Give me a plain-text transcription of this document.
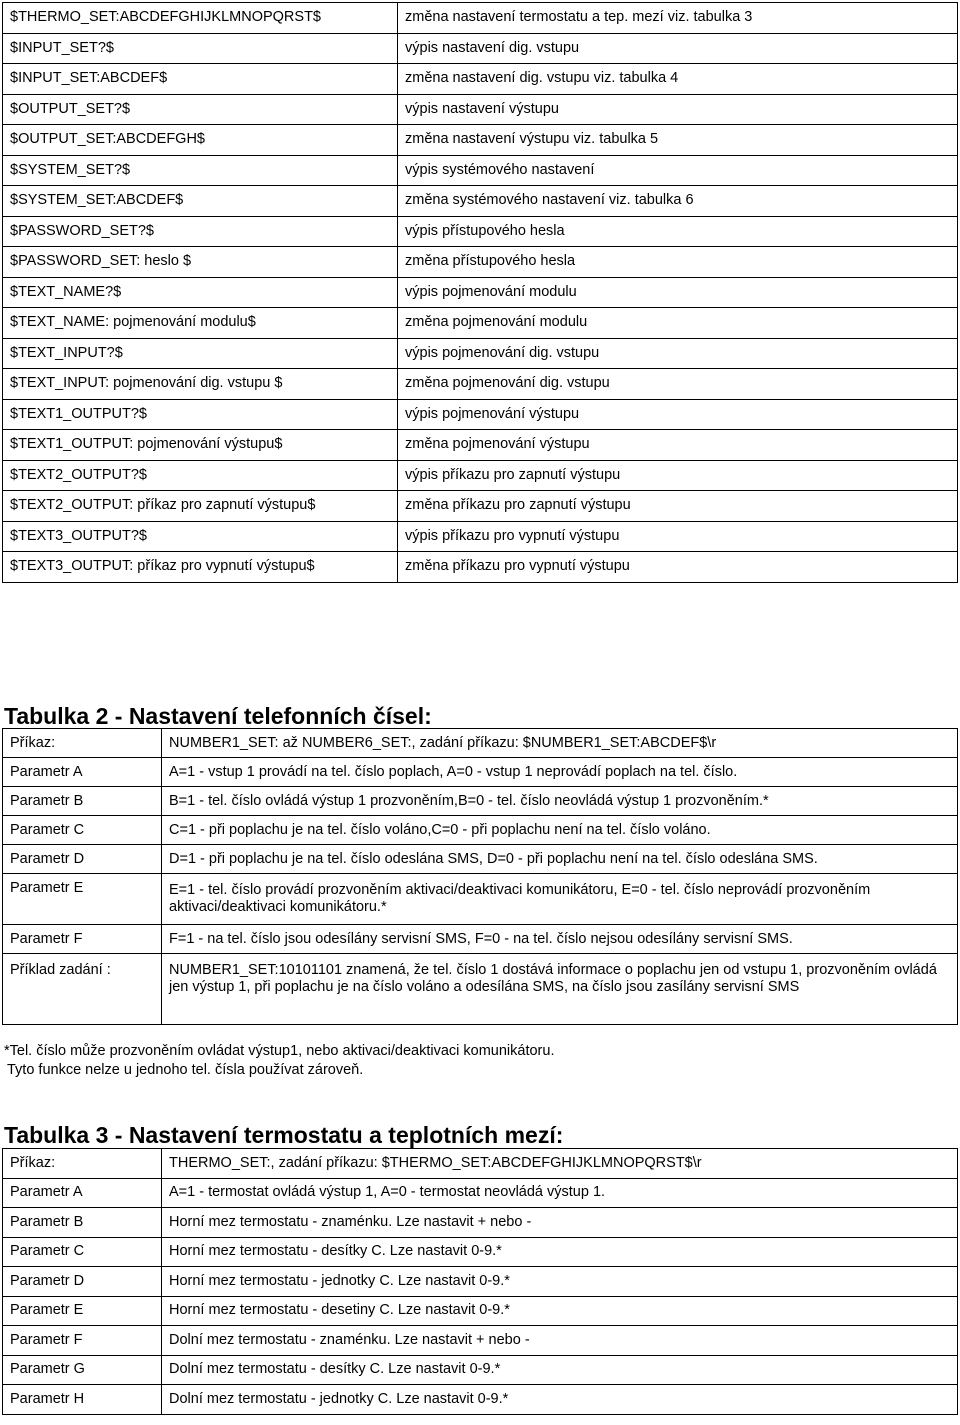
$THERMO_SET:ABCDEFGHIJKLMNOPQRST$	změna nastavení termostatu a tep. mezí viz. tabulka 3
$INPUT_SET?$	výpis nastavení dig. vstupu
$INPUT_SET:ABCDEF$	změna nastavení dig. vstupu viz. tabulka 4
$OUTPUT_SET?$	výpis nastavení výstupu
$OUTPUT_SET:ABCDEFGH$	změna nastavení výstupu viz. tabulka 5
$SYSTEM_SET?$	výpis systémového nastavení
$SYSTEM_SET:ABCDEF$	změna systémového nastavení viz. tabulka 6
$PASSWORD_SET?$	výpis přístupového hesla
$PASSWORD_SET: heslo $	změna přístupového hesla
$TEXT_NAME?$	výpis pojmenování modulu
$TEXT_NAME: pojmenování modulu$	změna pojmenování modulu
$TEXT_INPUT?$	výpis pojmenování dig. vstupu
$TEXT_INPUT: pojmenování dig. vstupu $	změna pojmenování dig. vstupu
$TEXT1_OUTPUT?$	výpis pojmenování výstupu
$TEXT1_OUTPUT: pojmenování výstupu$	změna pojmenování výstupu
$TEXT2_OUTPUT?$	výpis příkazu pro zapnutí výstupu
$TEXT2_OUTPUT: příkaz pro zapnutí výstupu$	změna příkazu pro zapnutí výstupu
$TEXT3_OUTPUT?$	výpis příkazu pro vypnutí výstupu
$TEXT3_OUTPUT: příkaz pro vypnutí výstupu$	změna příkazu pro vypnutí výstupu
Tabulka 2 - Nastavení telefonních čísel:
Příkaz:	NUMBER1_SET: až NUMBER6_SET:, zadání příkazu: $NUMBER1_SET:ABCDEF$\r
Parametr A	A=1 - vstup 1 provádí na tel. číslo poplach, A=0 - vstup 1 neprovádí poplach na tel. číslo.
Parametr B	B=1 - tel. číslo ovládá výstup 1 prozvoněním,B=0 - tel. číslo neovládá výstup 1 prozvoněním.*
Parametr C	C=1 - při poplachu je na tel. číslo voláno,C=0 - při poplachu není na tel. číslo voláno.
Parametr D	D=1 - při poplachu je na tel. číslo odeslána SMS, D=0 - při poplachu není na tel. číslo odeslána SMS.
Parametr E	E=1 - tel. číslo provádí prozvoněním aktivaci/deaktivaci komunikátoru, E=0 - tel. číslo neprovádí prozvoněním aktivaci/deaktivaci komunikátoru.*
Parametr F	F=1 - na tel. číslo jsou odesílány servisní SMS, F=0 - na tel. číslo nejsou odesílány servisní SMS.
Příklad zadání :	NUMBER1_SET:10101101 znamená, že tel. číslo 1 dostává informace o poplachu jen od vstupu 1, prozvoněním ovládá jen výstup 1, při poplachu je na číslo voláno a odesílána SMS, na číslo jsou zasílány servisní SMS

*Tel. číslo může prozvoněním ovládat výstup1, nebo aktivaci/deaktivaci komunikátoru.

Tyto funkce nelze u jednoho tel. čísla používat zároveň.

Tabulka 3 - Nastavení termostatu a teplotních mezí:
Příkaz:	THERMO_SET:, zadání příkazu: $THERMO_SET:ABCDEFGHIJKLMNOPQRST$\r
Parametr A	A=1 - termostat ovládá výstup 1, A=0 - termostat neovládá výstup 1.
Parametr B	Horní mez termostatu - znaménku. Lze nastavit + nebo -
Parametr C	Horní mez termostatu - desítky C. Lze nastavit 0-9.*
Parametr D	Horní mez termostatu - jednotky C. Lze nastavit 0-9.*
Parametr E	Horní mez termostatu - desetiny C. Lze nastavit 0-9.*
Parametr F	Dolní mez termostatu - znaménku. Lze nastavit + nebo -
Parametr G	Dolní mez termostatu - desítky C. Lze nastavit 0-9.*
Parametr H	Dolní mez termostatu - jednotky C. Lze nastavit 0-9.*
